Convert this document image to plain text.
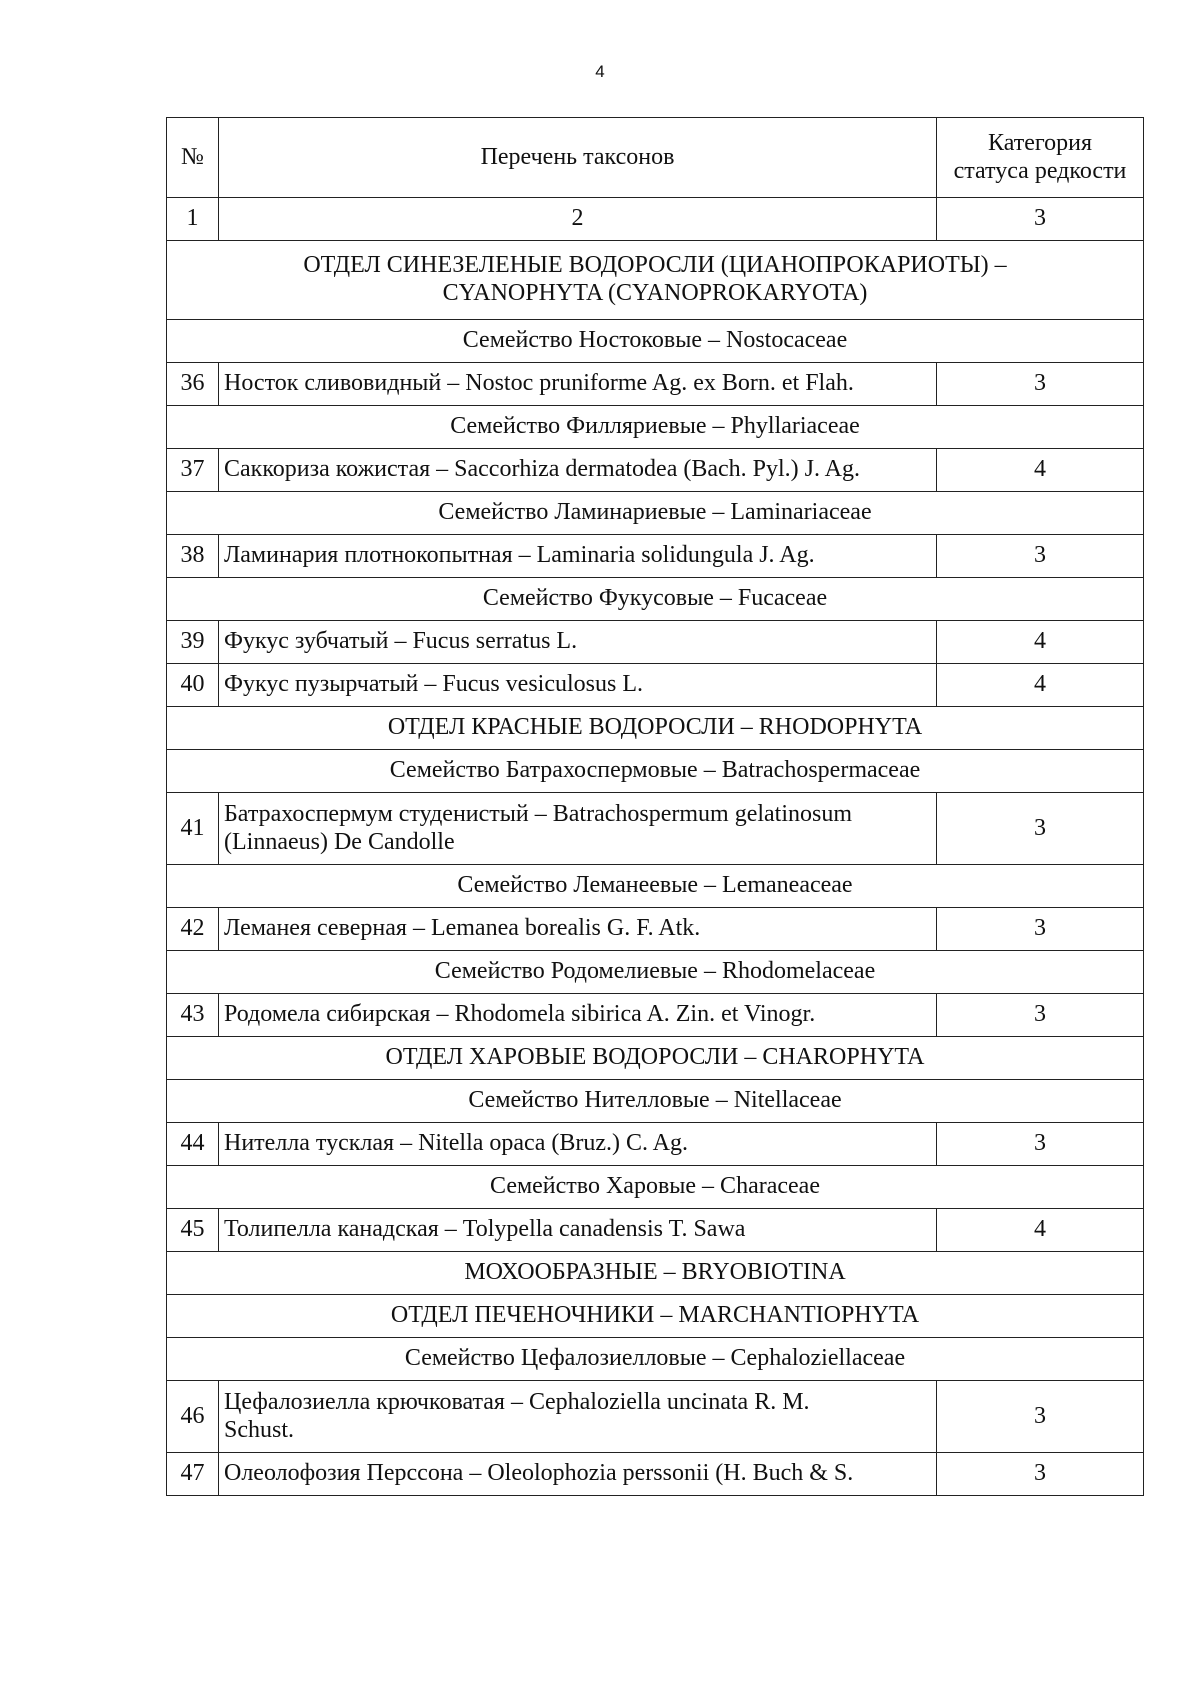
4
№	Перечень таксонов	Категория
статуса редкости
1	2	3
ОТДЕЛ СИНЕЗЕЛЕНЫЕ ВОДОРОСЛИ (ЦИАНОПРОКАРИОТЫ) –
CYANOPHYTA (CYANOPROKARYOTA)		
Семейство Ностоковые – Nostocaceae		
36	Носток сливовидный – Nostoc pruniforme Ag. ex Born. et Flah.	3
Семейство Филляриевые – Phyllariaceae		
37	Саккориза кожистая – Saccorhiza dermatodea (Bach. Pyl.) J. Ag.	4
Семейство Ламинариевые – Laminariaceae		
38	Ламинария плотнокопытная – Laminaria solidungula J. Ag.	3
Семейство Фукусовые – Fucaceae		
39	Фукус зубчатый – Fucus serratus L.	4
40	Фукус пузырчатый – Fucus vesiculosus L.	4
ОТДЕЛ КРАСНЫЕ ВОДОРОСЛИ – RHODOPHYTA		
Семейство Батрахоспермовые – Batrachospermaceae		
41	Батрахоспермум студенистый – Batrachospermum gelatinosum
(Linnaeus) De Candolle	3
Семейство Леманеевые – Lemaneaceae		
42	Леманея северная – Lemanea borealis G. F. Atk.	3
Семейство Родомелиевые – Rhodomelaceae		
43	Родомела сибирская – Rhodomela sibirica A. Zin. et Vinogr.	3
ОТДЕЛ ХАРОВЫЕ ВОДОРОСЛИ – CHAROPHYTA		
Семейство Нителловые – Nitellaceae		
44	Нителла тусклая – Nitella opaca (Bruz.) C. Ag.	3
Семейство Харовые – Characeae		
45	Толипелла канадская – Tolypella canadensis T. Sawa	4
МОХООБРАЗНЫЕ – BRYOBIOTINA		
ОТДЕЛ ПЕЧЕНОЧНИКИ – MARCHANTIOPHYTA		
Семейство Цефалозиелловые – Cephaloziellaceae		
46	Цефалозиелла крючковатая – Cephaloziella uncinata R. M.
Schust.	3
47	Олеолофозия Перссона – Oleolophozia perssonii (H. Buch & S.	3
